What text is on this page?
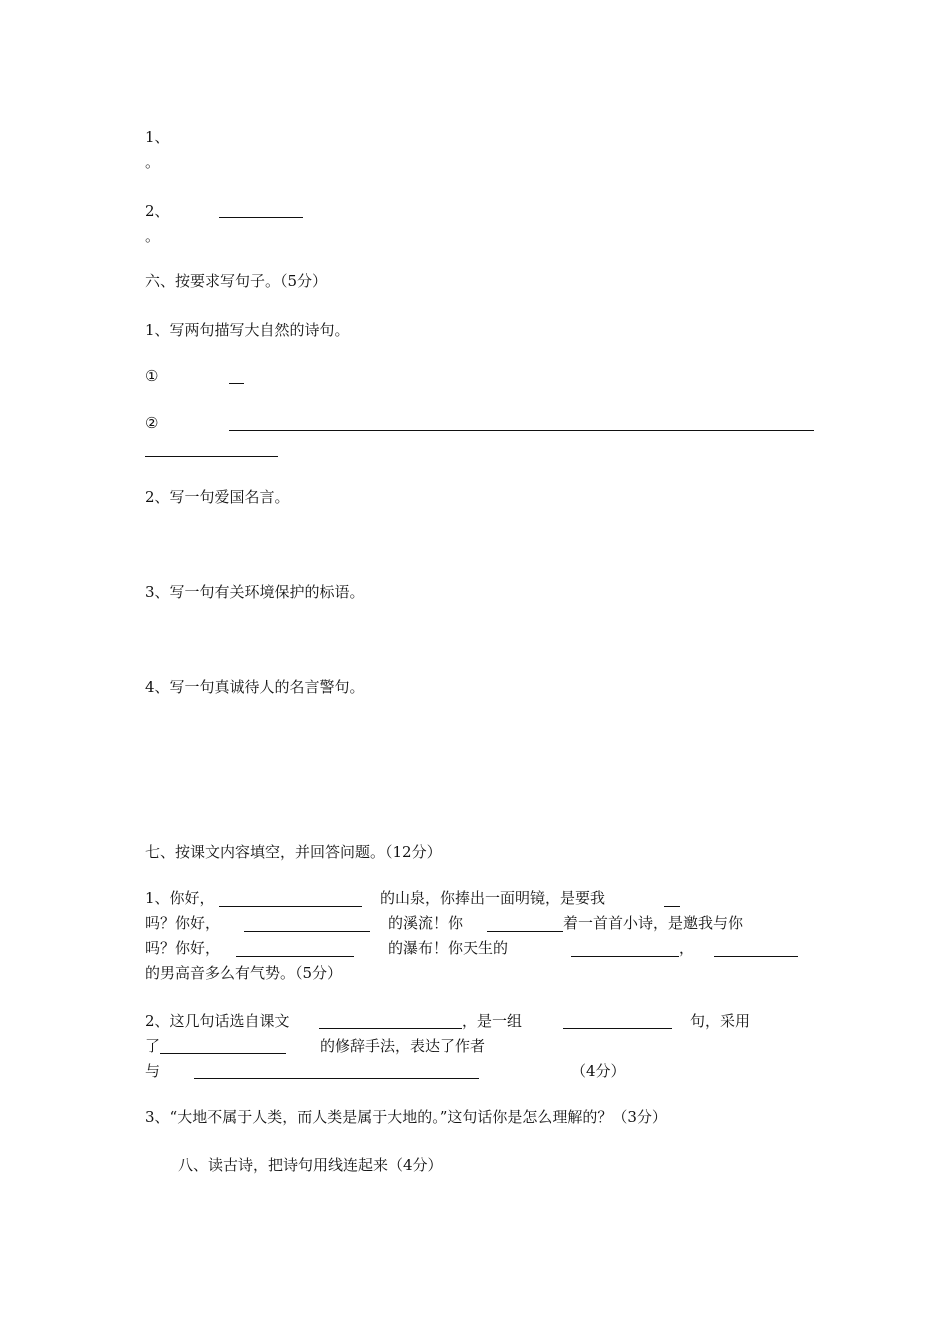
1、
。
2、
。
六、按要求写句子。（5分）
1、写两句描写大自然的诗句。
①
②
2、写一句爱国名言。
3、写一句有关环境保护的标语。
4、写一句真诚待人的名言警句。
七、按课文内容填空，并回答问题。（12分）
1、你好，	的山泉，你捧出一面明镜，是要我
吗？你好，	的溪流！你	着一首首小诗，是邀我与你
吗？你好，	的瀑布！你天生的	，
的男高音多么有气势。（5分）
2、这几句话选自课文	，是一组	句，采用
了	的修辞手法，表达了作者
与	（4分）
3、“大地不属于人类，而人类是属于大地的。”这句话你是怎么理解的？（3分）
八、读古诗，把诗句用线连起来（4分）
